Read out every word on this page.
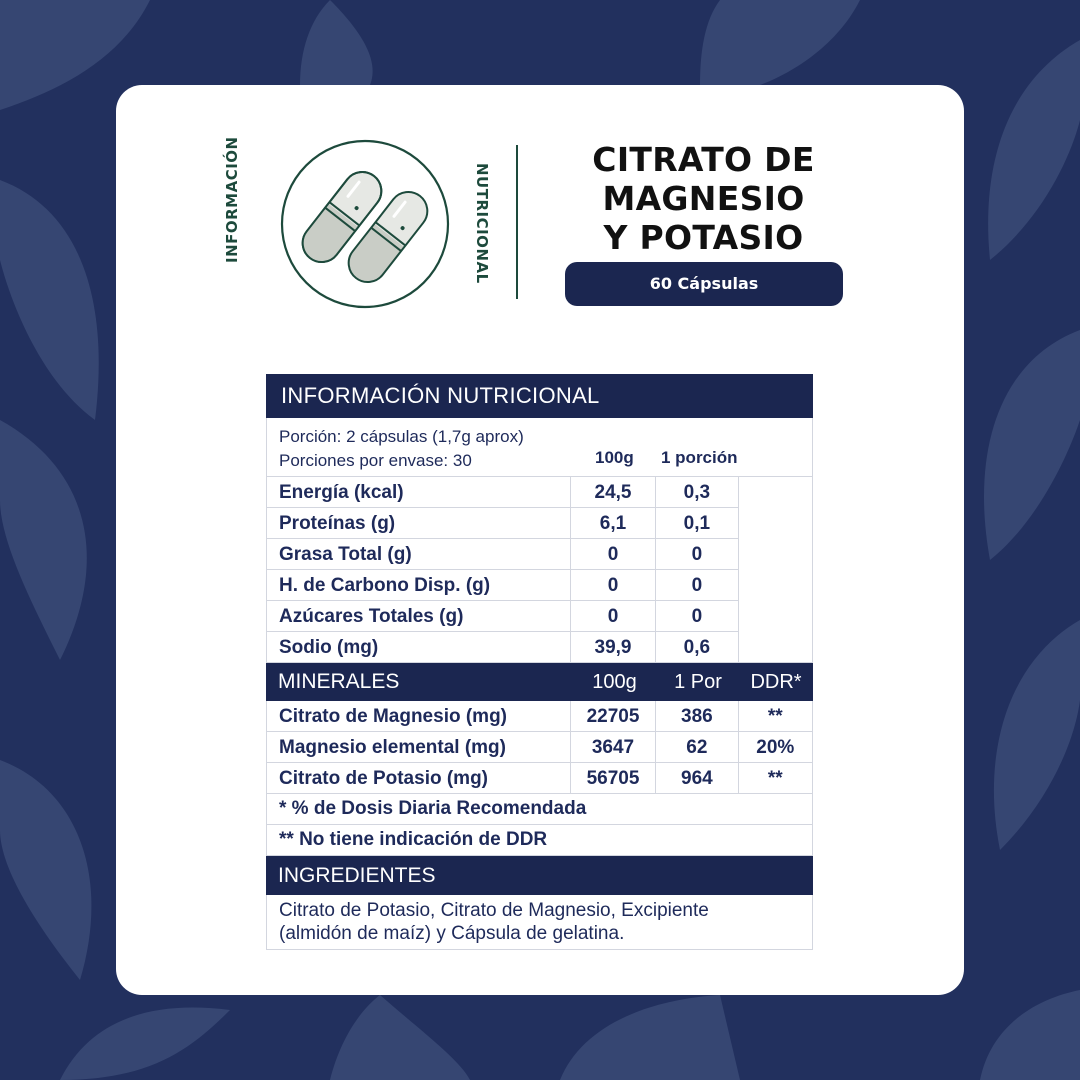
INFORMACIÓN	NUTRICIONAL
CITRATO DE
MAGNESIO
Y POTASIO
60 Cápsulas
INFORMACIÓN NUTRICIONAL
Porción: 2 cápsulas (1,7g aprox)
Porciones por envase: 30	100g 1 porción
Energía (kcal)	24,5	0,3
Proteínas (g)	6,1	0,1
Grasa Total (g)	0	0
H. de Carbono Disp. (g)	0	0
Azúcares Totales (g)	0	0
Sodio (mg)	39,9	0,6
MINERALES	100g	1 Por	DDR*
Citrato de Magnesio (mg)	22705	386	**
Magnesio elemental (mg)	3647	62	20%
Citrato de Potasio (mg)	56705	964	**
* % de Dosis Diaria Recomendada
** No tiene indicación de DDR
INGREDIENTES
Citrato de Potasio, Citrato de Magnesio, Excipiente
(almidón de maíz) y Cápsula de gelatina.
